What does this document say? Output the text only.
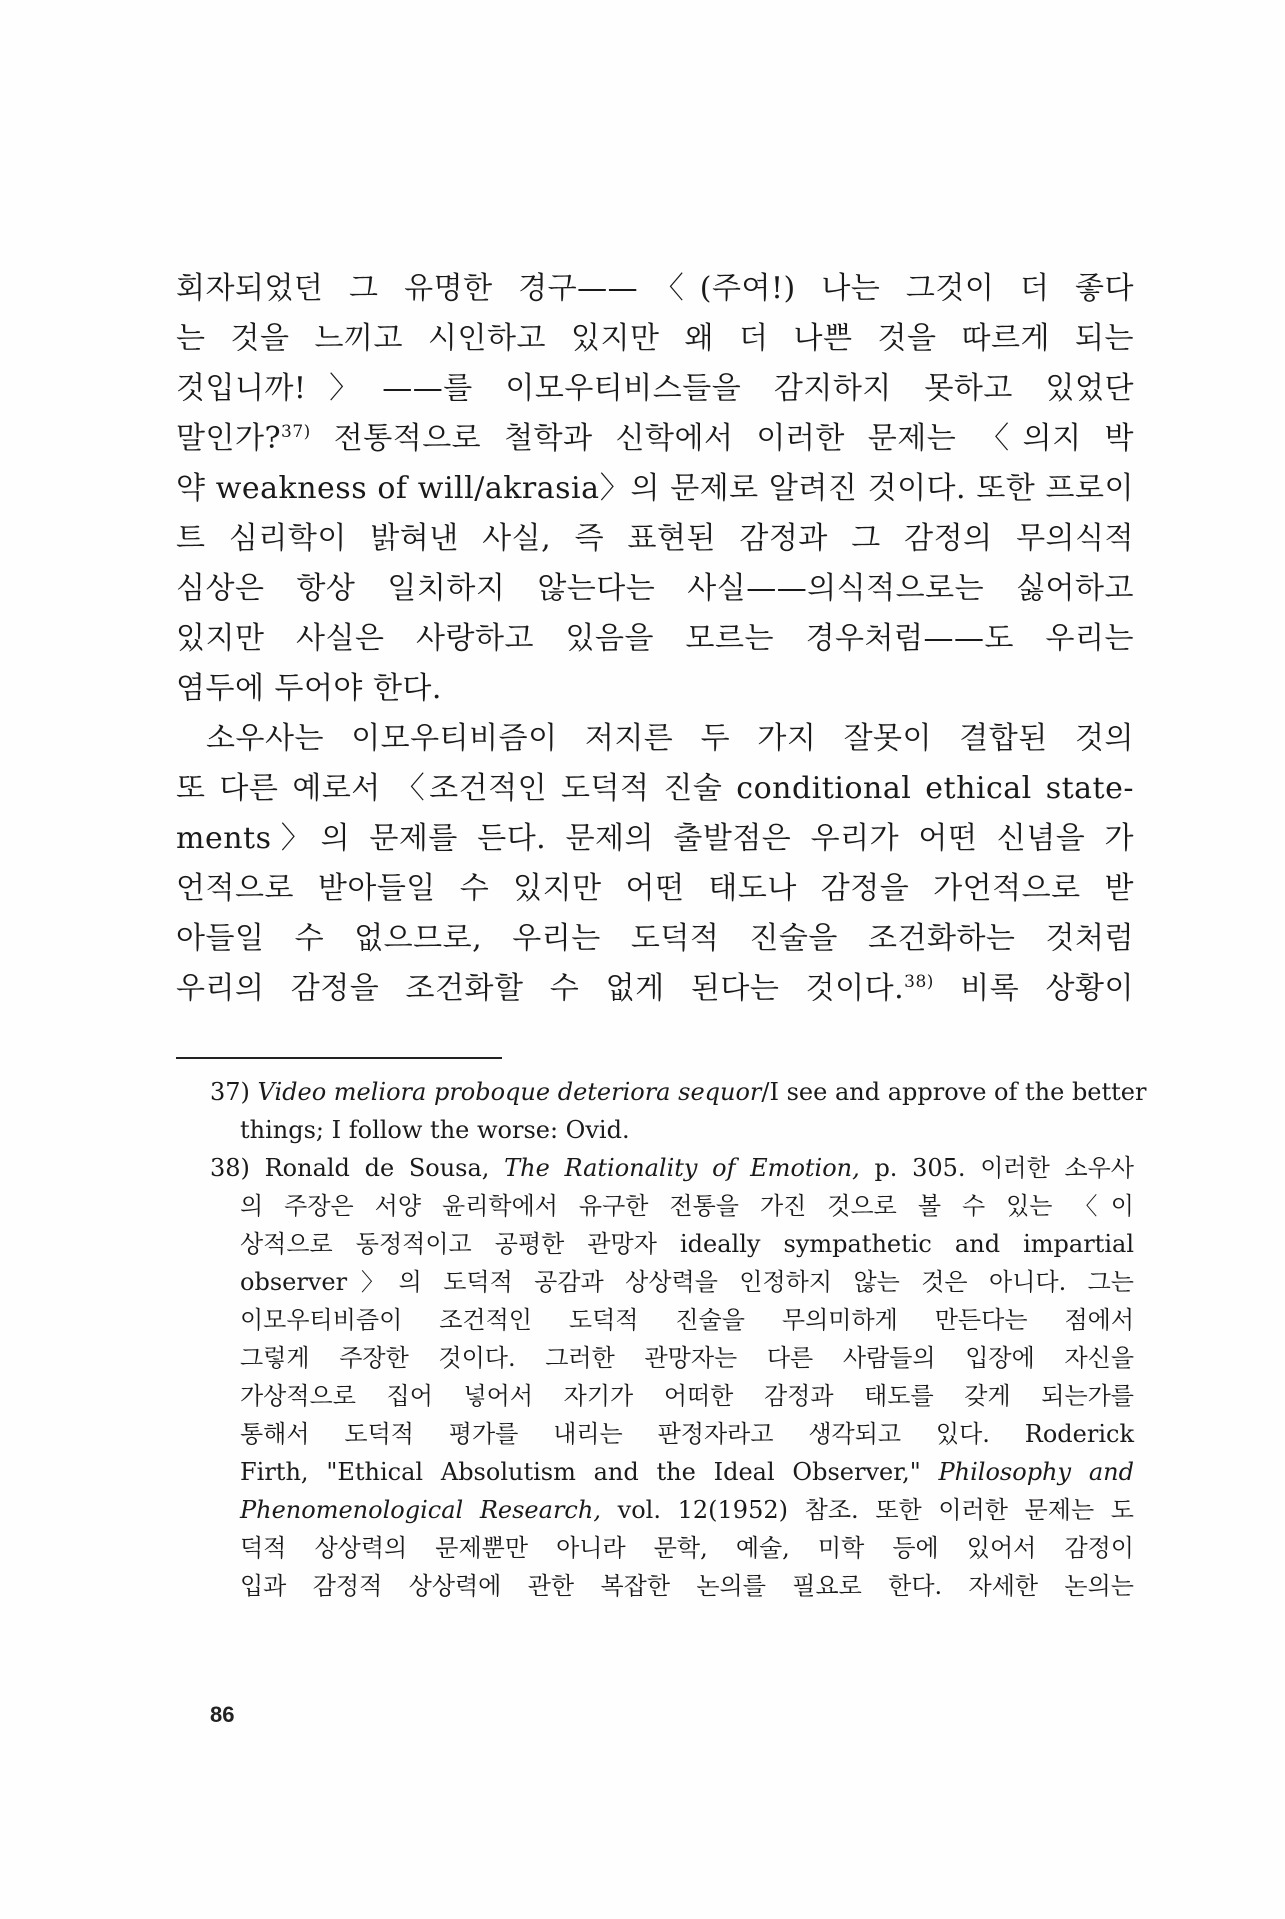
회자되었던 그 유명한 경구——〈(주여!) 나는 그것이 더 좋다
는 것을 느끼고 시인하고 있지만 왜 더 나쁜 것을 따르게 되는
것입니까!〉——를 이모우티비스들을 감지하지 못하고 있었단
말인가?$^{37)}$ 전통적으로 철학과 신학에서 이러한 문제는 〈의지 박
약 weakness of will/akrasia〉의 문제로 알려진 것이다. 또한 프로이
트 심리학이 밝혀낸 사실, 즉 표현된 감정과 그 감정의 무의식적
심상은 항상 일치하지 않는다는 사실——의식적으로는 싫어하고
있지만 사실은 사랑하고 있음을 모르는 경우처럼——도 우리는
염두에 두어야 한다.
소우사는 이모우티비즘이 저지른 두 가지 잘못이 결합된 것의
또 다른 예로서 〈조건적인 도덕적 진술 conditional ethical state-
ments〉의 문제를 든다. 문제의 출발점은 우리가 어떤 신념을 가
언적으로 받아들일 수 있지만 어떤 태도나 감정을 가언적으로 받
아들일 수 없으므로, 우리는 도덕적 진술을 조건화하는 것처럼
우리의 감정을 조건화할 수 없게 된다는 것이다.$^{38)}$ 비록 상황이
37) Video meliora proboque deteriora sequor/I see and approve of the better
things; I follow the worse: Ovid.
38) Ronald de Sousa, The Rationality of Emotion, p. 305. 이러한 소우사
의 주장은 서양 윤리학에서 유구한 전통을 가진 것으로 볼 수 있는 〈이
상적으로 동정적이고 공평한 관망자 ideally sympathetic and impartial
observer〉의 도덕적 공감과 상상력을 인정하지 않는 것은 아니다. 그는
이모우티비즘이 조건적인 도덕적 진술을 무의미하게 만든다는 점에서
그렇게 주장한 것이다. 그러한 관망자는 다른 사람들의 입장에 자신을
가상적으로 집어 넣어서 자기가 어떠한 감정과 태도를 갖게 되는가를
통해서 도덕적 평가를 내리는 판정자라고 생각되고 있다. Roderick
Firth, "Ethical Absolutism and the Ideal Observer," Philosophy and
Phenomenological Research, vol. 12(1952) 참조. 또한 이러한 문제는 도
덕적 상상력의 문제뿐만 아니라 문학, 예술, 미학 등에 있어서 감정이
입과 감정적 상상력에 관한 복잡한 논의를 필요로 한다. 자세한 논의는
86
